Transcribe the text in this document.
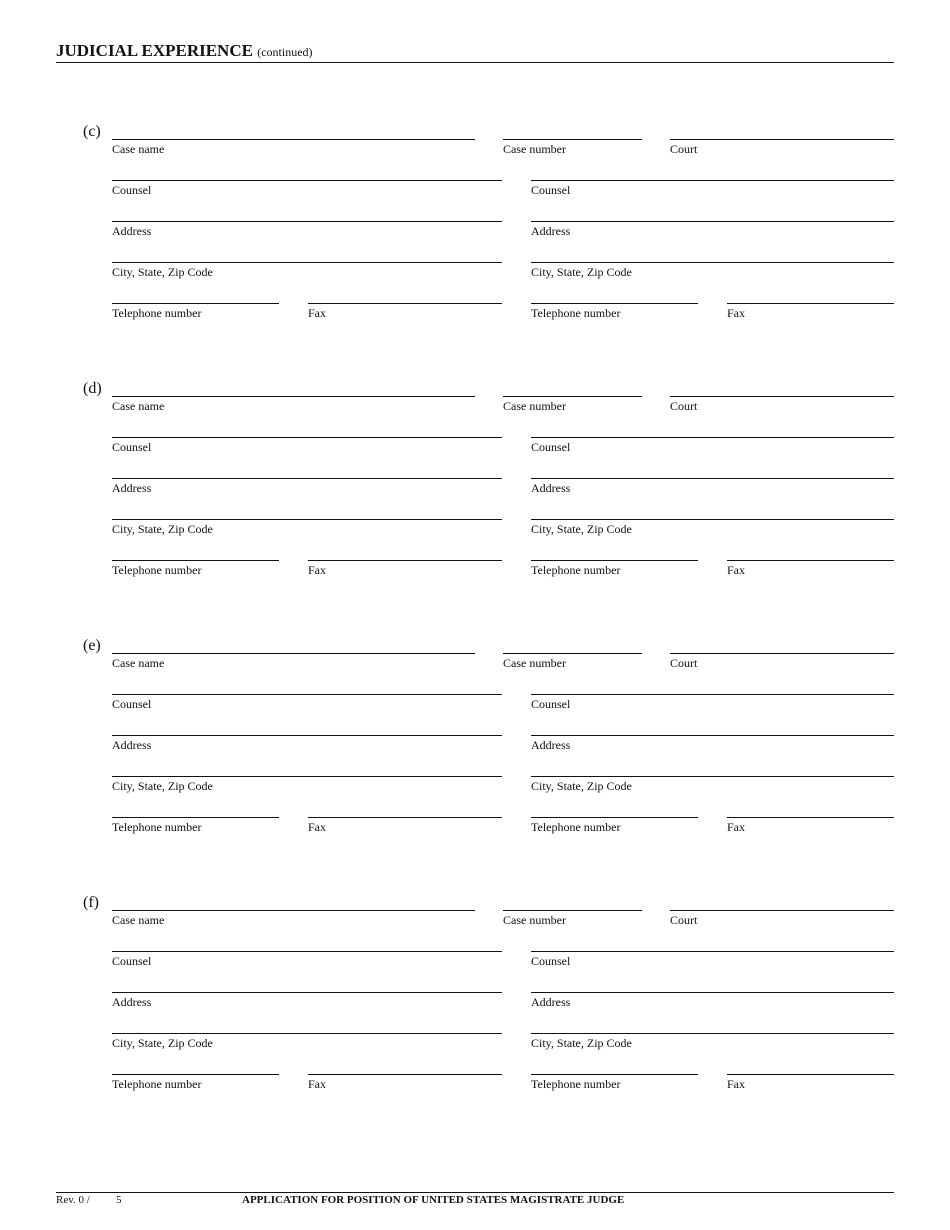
JUDICIAL EXPERIENCE (continued)
(c)
Case name	Case number	Court
Counsel	Counsel
Address	Address
City, State, Zip Code	City, State, Zip Code
Telephone number	Fax	Telephone number	Fax
(d)
Case name	Case number	Court
Counsel	Counsel
Address	Address
City, State, Zip Code	City, State, Zip Code
Telephone number	Fax	Telephone number	Fax
(e)
Case name	Case number	Court
Counsel	Counsel
Address	Address
City, State, Zip Code	City, State, Zip Code
Telephone number	Fax	Telephone number	Fax
(f)
Case name	Case number	Court
Counsel	Counsel
Address	Address
City, State, Zip Code	City, State, Zip Code
Telephone number	Fax	Telephone number	Fax
Rev. 0 / 5	APPLICATION FOR POSITION OF UNITED STATES MAGISTRATE JUDGE
